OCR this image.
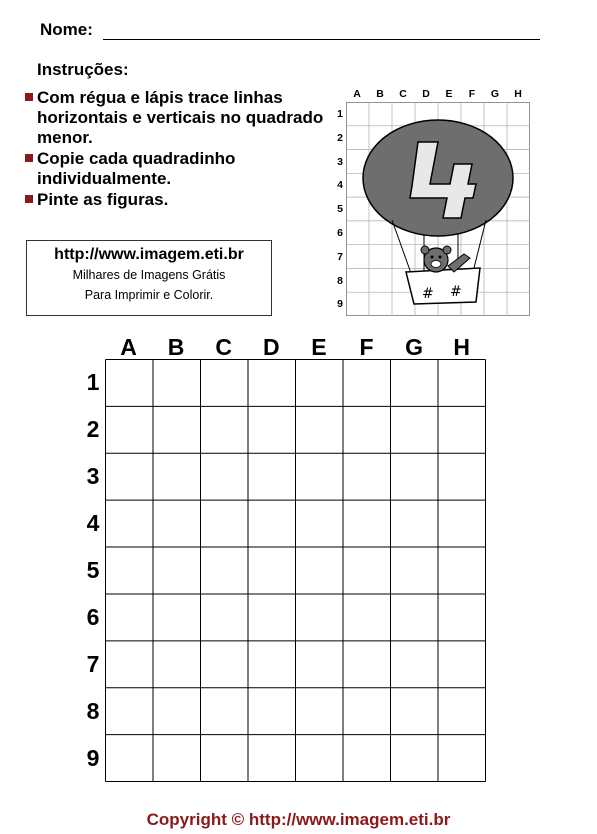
Nome:
Instruções:
Com régua e lápis trace linhas horizontais e verticais no quadrado menor.
Copie cada quadradinho individualmente.
Pinte as figuras.
http://www.imagem.eti.br
Milhares de Imagens Grátis
Para Imprimir e Colorir.
A	B	C	D	E	F	G	H
1
2
3
4
5
6
7
8
9
# #
A	B	C	D	E	F	G	H
1
2
3
4
5
6
7
8
9
Copyright © http://www.imagem.eti.br
